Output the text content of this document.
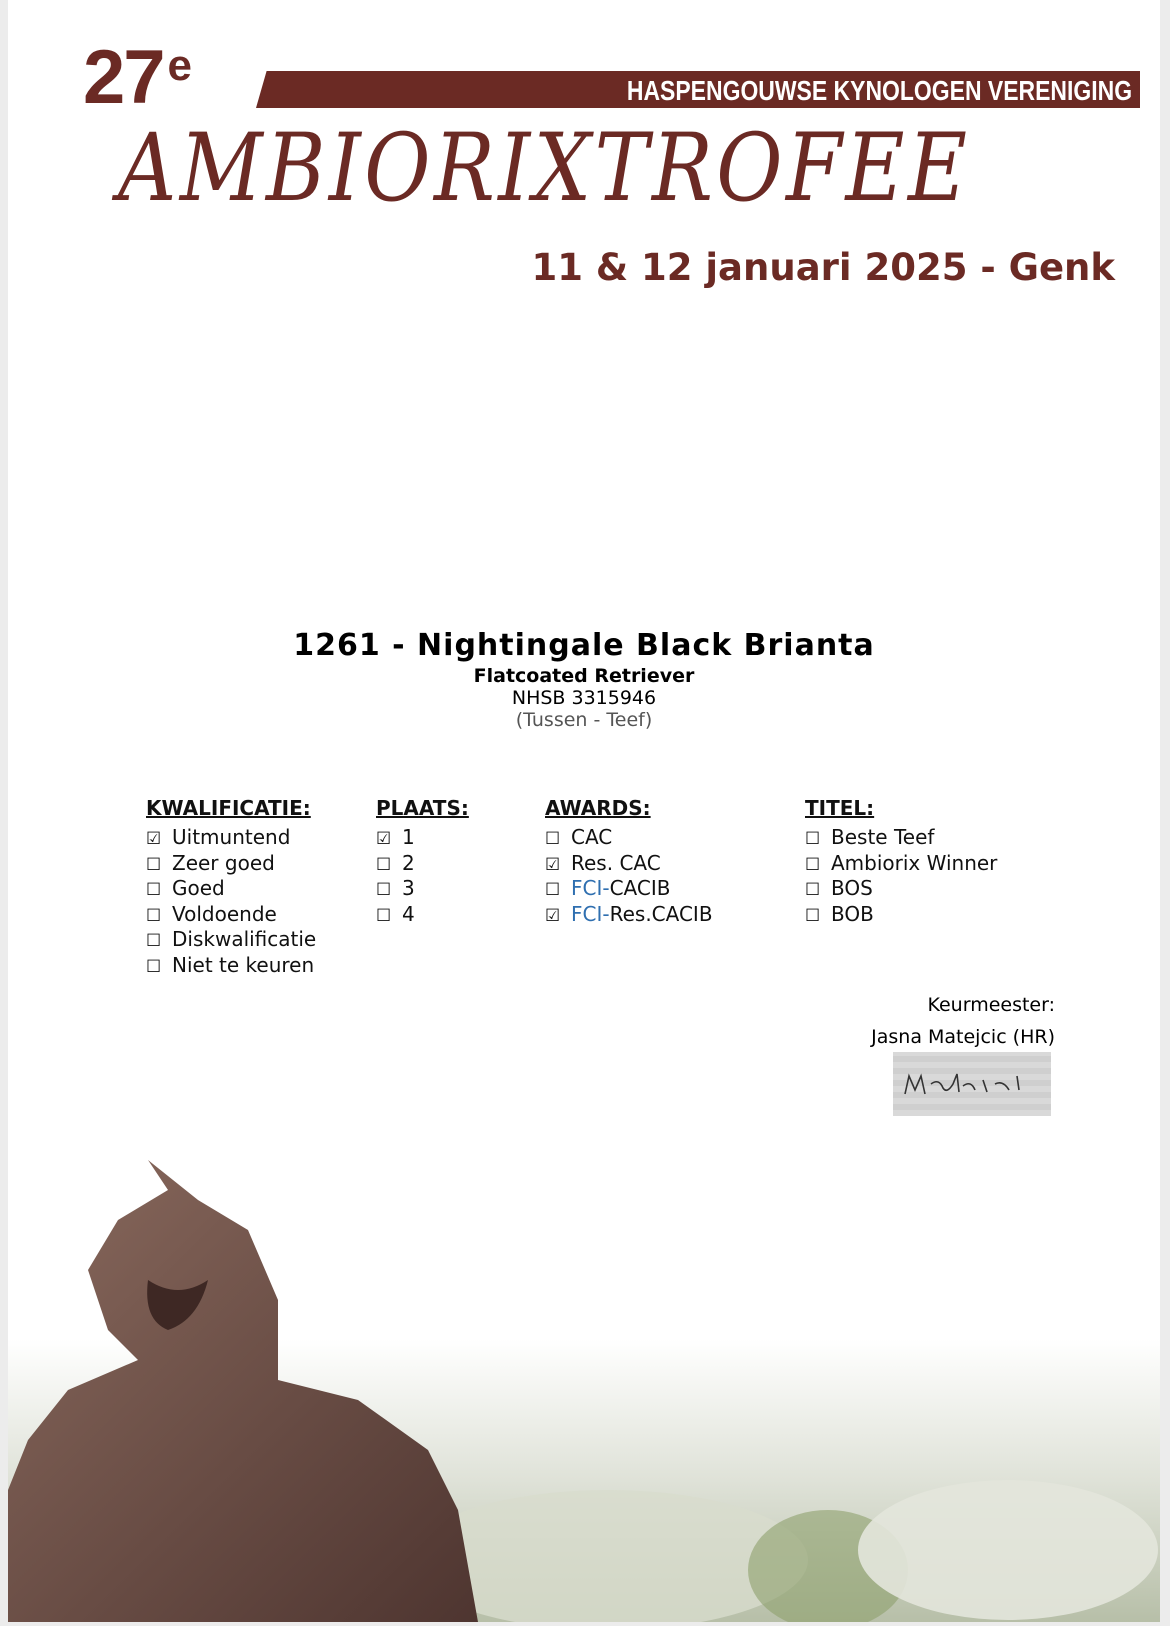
27e
HASPENGOUWSE KYNOLOGEN VERENIGING
AMBIORIXTROFEE
11 & 12 januari 2025 - Genk
1261 - Nightingale Black Brianta
Flatcoated Retriever
NHSB 3315946
(Tussen - Teef)
KWALIFICATIE:
☑ Uitmuntend
☐ Zeer goed
☐ Goed
☐ Voldoende
☐ Diskwalificatie
☐ Niet te keuren
PLAATS:
☑ 1
☐ 2
☐ 3
☐ 4
AWARDS:
☐ CAC
☑ Res. CAC
☐ FCI-CACIB
☑ FCI-Res.CACIB
TITEL:
☐ Beste Teef
☐ Ambiorix Winner
☐ BOS
☐ BOB
Keurmeester:
Jasna Matejcic (HR)
